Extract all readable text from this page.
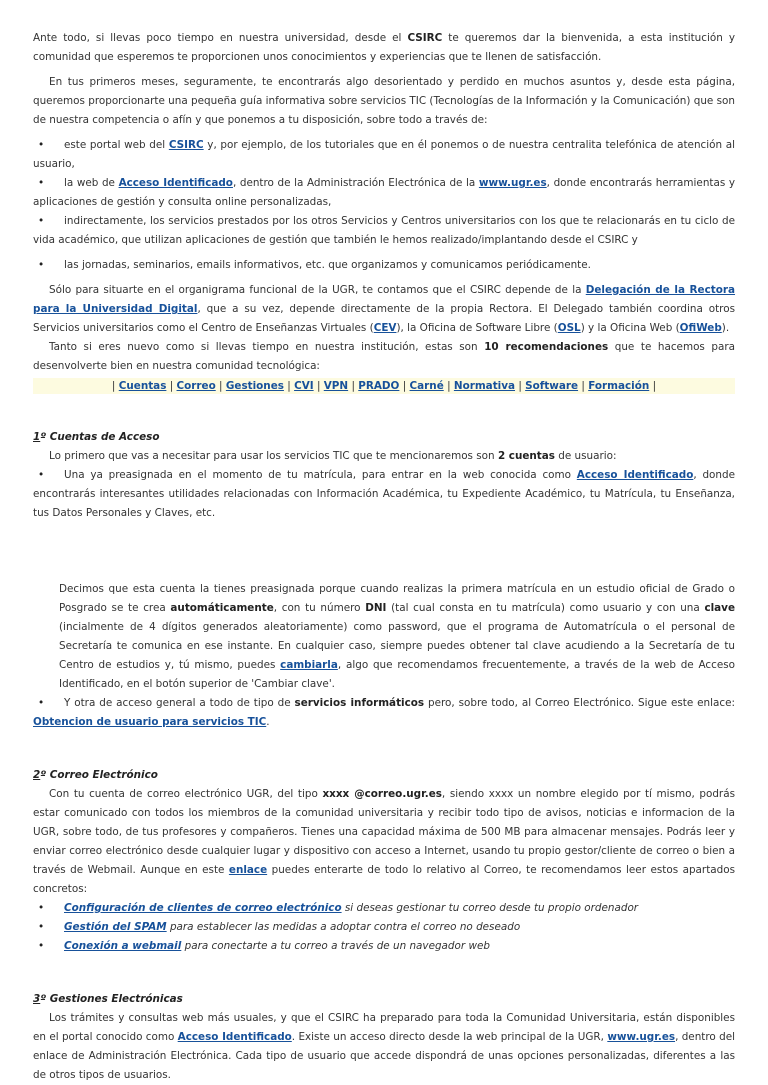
Ante todo, si llevas poco tiempo en nuestra universidad, desde el CSIRC te queremos dar la bienvenida, a esta institución y comunidad que esperemos te proporcionen unos conocimientos y experiencias que te llenen de satisfacción.

En tus primeros meses, seguramente, te encontrarás algo desorientado y perdido en muchos asuntos y, desde esta página, queremos proporcionarte una pequeña guía informativa sobre servicios TIC (Tecnologías de la Información y la Comunicación) que son de nuestra competencia o afín y que ponemos a tu disposición, sobre todo a través de:

• este portal web del CSIRC y, por ejemplo, de los tutoriales que en él ponemos o de nuestra centralita telefónica de atención al usuario,
• la web de Acceso Identificado, dentro de la Administración Electrónica de la www.ugr.es, donde encontrarás herramientas y aplicaciones de gestión y consulta online personalizadas,
• indirectamente, los servicios prestados por los otros Servicios y Centros universitarios con los que te relacionarás en tu ciclo de vida académico, que utilizan aplicaciones de gestión que también le hemos realizado/implantando desde el CSIRC y
• las jornadas, seminarios, emails informativos, etc. que organizamos y comunicamos periódicamente.

Sólo para situarte en el organigrama funcional de la UGR, te contamos que el CSIRC depende de la Delegación de la Rectora para la Universidad Digital, que a su vez, depende directamente de la propia Rectora. El Delegado también coordina otros Servicios universitarios como el Centro de Enseñanzas Virtuales (CEV), la Oficina de Software Libre (OSL) y la Oficina Web (OfiWeb).

Tanto si eres nuevo como si llevas tiempo en nuestra institución, estas son 10 recomendaciones que te hacemos para desenvolverte bien en nuestra comunidad tecnológica:

| Cuentas | Correo | Gestiones | CVI | VPN | PRADO | Carné | Normativa | Software | Formación |
1º Cuentas de Acceso

Lo primero que vas a necesitar para usar los servicios TIC que te mencionaremos son 2 cuentas de usuario:

• Una ya preasignada en el momento de tu matrícula, para entrar en la web conocida como Acceso Identificado, donde encontrarás interesantes utilidades relacionadas con Información Académica, tu Expediente Académico, tu Matrícula, tu Enseñanza, tus Datos Personales y Claves, etc.

Decimos que esta cuenta la tienes preasignada porque cuando realizas la primera matrícula en un estudio oficial de Grado o Posgrado se te crea automáticamente, con tu número DNI (tal cual consta en tu matrícula) como usuario y con una clave (incialmente de 4 dígitos generados aleatoriamente) como password, que el programa de Automatrícula o el personal de Secretaría te comunica en ese instante. En cualquier caso, siempre puedes obtener tal clave acudiendo a la Secretaría de tu Centro de estudios y, tú mismo, puedes cambiarla, algo que recomendamos frecuentemente, a través de la web de Acceso Identificado, en el botón superior de 'Cambiar clave'.

• Y otra de acceso general a todo de tipo de servicios informáticos pero, sobre todo, al Correo Electrónico. Sigue este enlace: Obtencion de usuario para servicios TIC.
2º Correo Electrónico

Con tu cuenta de correo electrónico UGR, del tipo xxxx @correo.ugr.es, siendo xxxx un nombre elegido por tí mismo, podrás estar comunicado con todos los miembros de la comunidad universitaria y recibir todo tipo de avisos, noticias e informacion de la UGR, sobre todo, de tus profesores y compañeros. Tienes una capacidad máxima de 500 MB para almacenar mensajes. Podrás leer y enviar correo electrónico desde cualquier lugar y dispositivo con acceso a Internet, usando tu propio gestor/cliente de correo o bien a través de Webmail. Aunque en este enlace puedes enterarte de todo lo relativo al Correo, te recomendamos leer estos apartados concretos:

• Configuración de clientes de correo electrónico si deseas gestionar tu correo desde tu propio ordenador
• Gestión del SPAM para establecer las medidas a adoptar contra el correo no deseado
• Conexión a webmail para conectarte a tu correo a través de un navegador web
3º Gestiones Electrónicas

Los trámites y consultas web más usuales, y que el CSIRC ha preparado para toda la Comunidad Universitaria, están disponibles en el portal conocido como Acceso Identificado. Existe un acceso directo desde la web principal de la UGR, www.ugr.es, dentro del enlace de Administración Electrónica. Cada tipo de usuario que accede dispondrá de unas opciones personalizadas, diferentes a las de otros tipos de usuarios.
